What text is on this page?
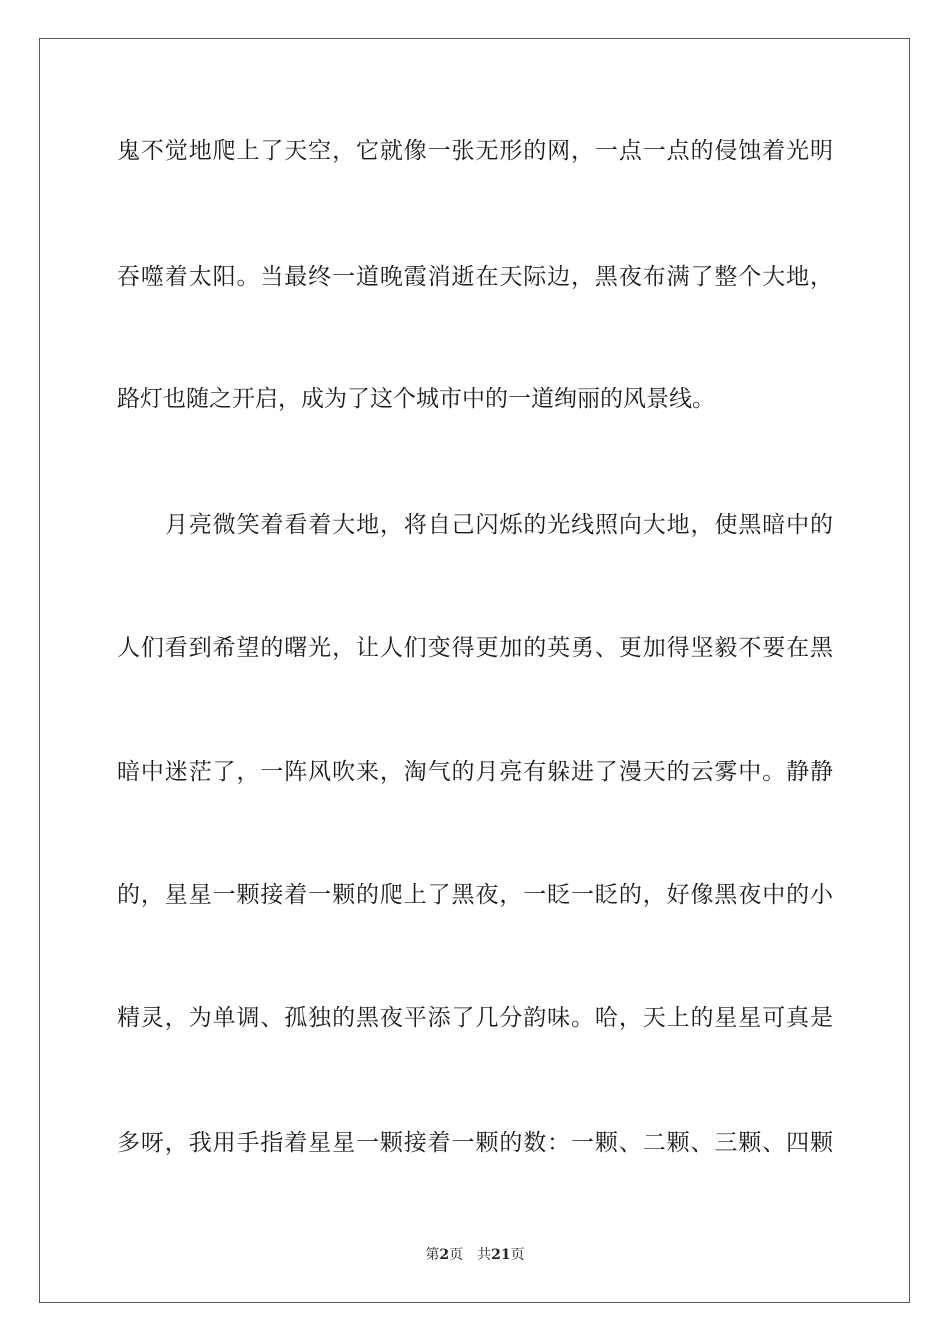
鬼不觉地爬上了天空，它就像一张无形的网，一点一点的侵蚀着光明
吞噬着太阳。当最终一道晚霞消逝在天际边，黑夜布满了整个大地，
路灯也随之开启，成为了这个城市中的一道绚丽的风景线。
月亮微笑着看着大地，将自己闪烁的光线照向大地，使黑暗中的
人们看到希望的曙光，让人们变得更加的英勇、更加得坚毅不要在黑
暗中迷茫了，一阵风吹来，淘气的月亮有躲进了漫天的云雾中。静静
的，星星一颗接着一颗的爬上了黑夜，一眨一眨的，好像黑夜中的小
精灵，为单调、孤独的黑夜平添了几分韵味。哈，天上的星星可真是
多呀，我用手指着星星一颗接着一颗的数：一颗、二颗、三颗、四颗
第2页 共21页
